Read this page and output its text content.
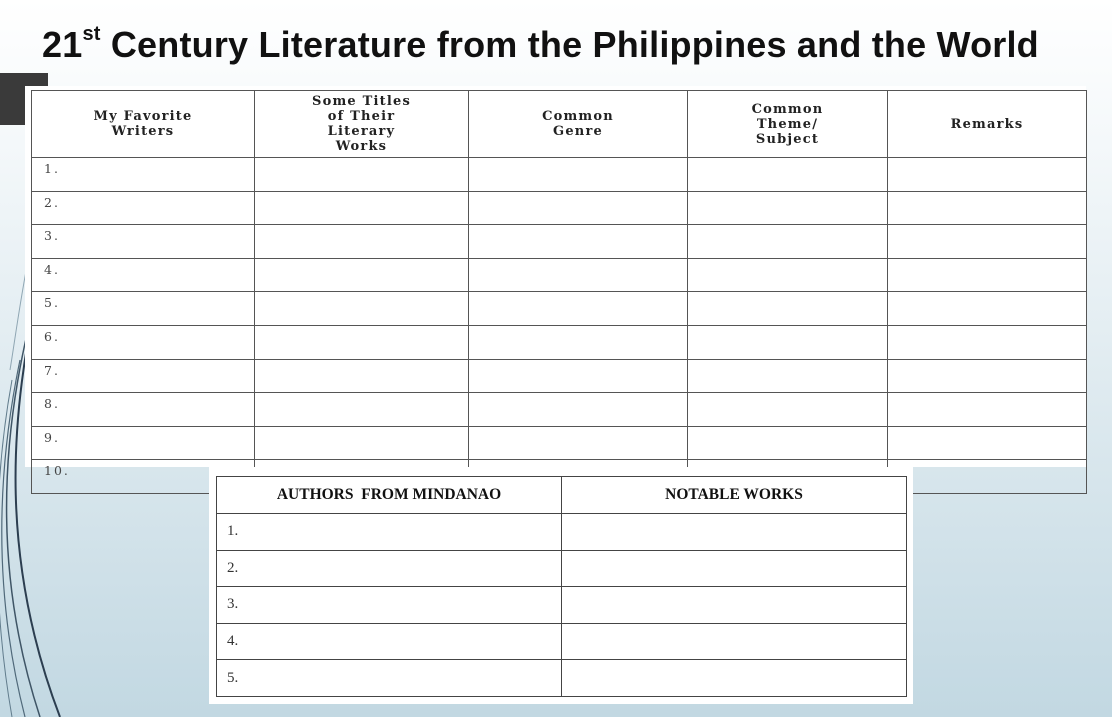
21st Century Literature from the Philippines and the World
My Favorite
Writers	Some Titles
of Their
Literary
Works	Common
Genre	Common
Theme/
Subject	Remarks
1.				
2.				
3.				
4.				
5.				
6.				
7.				
8.				
9.				
10.				
AUTHORS  FROM MINDANAO	NOTABLE WORKS
1.	
2.	
3.	
4.	
5.	
